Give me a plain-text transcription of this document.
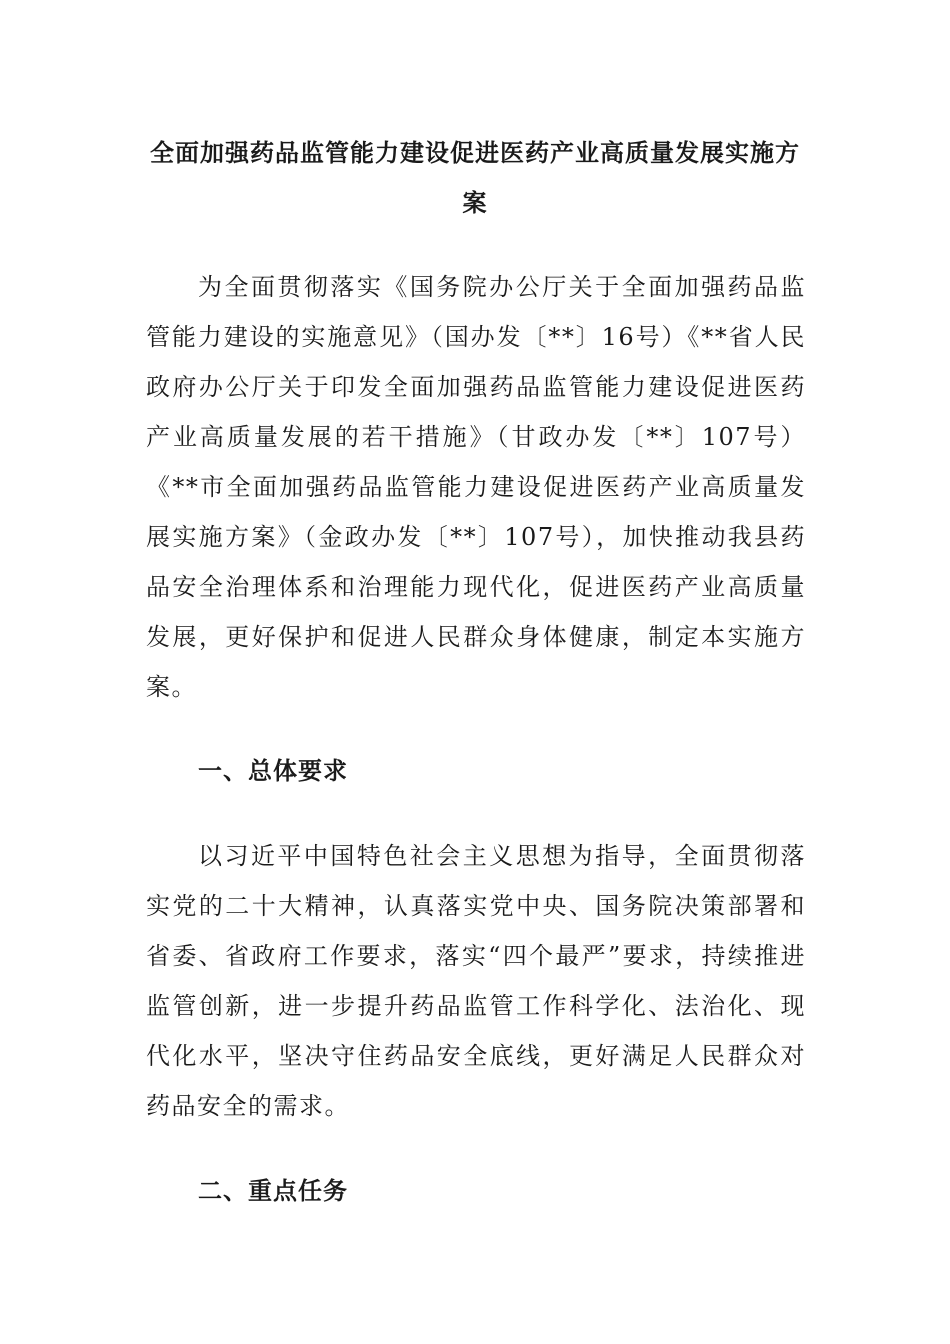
全面加强药品监管能力建设促进医药产业高质量发展实施方案
为全面贯彻落实《国务院办公厅关于全面加强药品监管能力建设的实施意见》（国办发〔**〕16号）《**省人民政府办公厅关于印发全面加强药品监管能力建设促进医药产业高质量发展的若干措施》（甘政办发〔**〕107号）《**市全面加强药品监管能力建设促进医药产业高质量发展实施方案》（金政办发〔**〕107号），加快推动我县药品安全治理体系和治理能力现代化，促进医药产业高质量发展，更好保护和促进人民群众身体健康，制定本实施方案。
一、总体要求
以习近平中国特色社会主义思想为指导，全面贯彻落实党的二十大精神，认真落实党中央、国务院决策部署和省委、省政府工作要求，落实“四个最严”要求，持续推进监管创新，进一步提升药品监管工作科学化、法治化、现代化水平，坚决守住药品安全底线，更好满足人民群众对药品安全的需求。
二、重点任务
